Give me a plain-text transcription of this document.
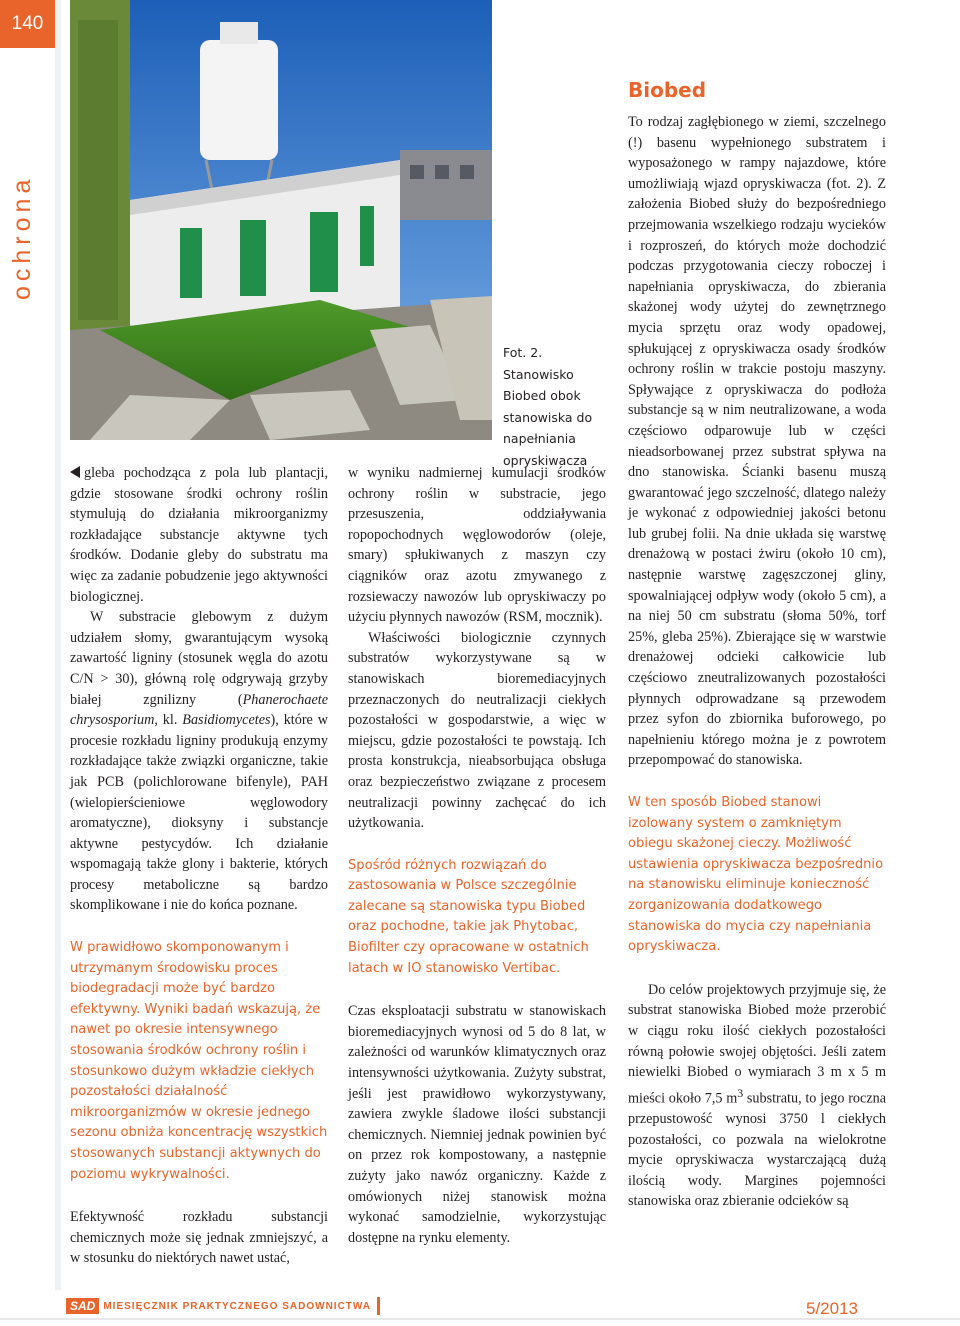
140
ochrona
Fot. 2. Stanowisko
Biobed obok
stanowiska do
napełniania
opryskiwacza

gleba pochodząca z pola lub plantacji, gdzie stosowane środki ochrony roślin stymulują do działania mikroorganizmy rozkładające substancje aktywne tych środków. Dodanie gleby do substratu ma więc za zadanie pobudzenie jego aktywności biologicznej.

W substracie glebowym z dużym udziałem słomy, gwarantującym wysoką zawartość ligniny (stosunek węgla do azotu C/N > 30), główną rolę odgrywają grzyby białej zgnilizny (Phanerochaete chrysosporium, kl. Basidiomycetes), które w procesie rozkładu ligniny produkują enzymy rozkładające także związki organiczne, takie jak PCB (polichlorowane bifenyle), PAH (wielopierścieniowe węglowodory aromatyczne), dioksyny i substancje aktywne pestycydów. Ich działanie wspomagają także glony i bakterie, których procesy metaboliczne są bardzo skomplikowane i nie do końca poznane.

W prawidłowo skomponowanym i utrzymanym środowisku proces biodegradacji może być bardzo efektywny. Wyniki badań wskazują, że nawet po okresie intensywnego stosowania środków ochrony roślin i stosunkowo dużym wkładzie ciekłych pozostałości działalność mikroorganizmów w okresie jednego sezonu obniża koncentrację wszystkich stosowanych substancji aktywnych do poziomu wykrywalności.

Efektywność rozkładu substancji chemicznych może się jednak zmniejszyć, a w stosunku do niektórych nawet ustać,

w wyniku nadmiernej kumulacji środków ochrony roślin w substracie, jego przesuszenia, oddziaływania ropopochodnych węglowodorów (oleje, smary) spłukiwanych z maszyn czy ciągników oraz azotu zmywanego z rozsiewaczy nawozów lub opryskiwaczy po użyciu płynnych nawozów (RSM, mocznik).

Właściwości biologicznie czynnych substratów wykorzystywane są w stanowiskach bioremediacyjnych przeznaczonych do neutralizacji ciekłych pozostałości w gospodarstwie, a więc w miejscu, gdzie pozostałości te powstają. Ich prosta konstrukcja, nieabsorbująca obsługa oraz bezpieczeństwo związane z procesem neutralizacji powinny zachęcać do ich użytkowania.

Spośród różnych rozwiązań do zastosowania w Polsce szczególnie zalecane są stanowiska typu Biobed oraz pochodne, takie jak Phytobac, Biofilter czy opracowane w ostatnich latach w IO stanowisko Vertibac.

Czas eksploatacji substratu w stanowiskach bioremediacyjnych wynosi od 5 do 8 lat, w zależności od warunków klimatycznych oraz intensywności użytkowania. Zużyty substrat, jeśli jest prawidłowo wykorzystywany, zawiera zwykle śladowe ilości substancji chemicznych. Niemniej jednak powinien być on przez rok kompostowany, a następnie zużyty jako nawóz organiczny. Każde z omówionych niżej stanowisk można wykonać samodzielnie, wykorzystując dostępne na rynku elementy.

Biobed

To rodzaj zagłębionego w ziemi, szczelnego (!) basenu wypełnionego substratem i wyposażonego w rampy najazdowe, które umożliwiają wjazd opryskiwacza (fot. 2). Z założenia Biobed służy do bezpośredniego przejmowania wszelkiego rodzaju wycieków i rozproszeń, do których może dochodzić podczas przygotowania cieczy roboczej i napełniania opryskiwacza, do zbierania skażonej wody użytej do zewnętrznego mycia sprzętu oraz wody opadowej, spłukującej z opryskiwacza osady środków ochrony roślin w trakcie postoju maszyny. Spływające z opryskiwacza do podłoża substancje są w nim neutralizowane, a woda częściowo odparowuje lub w części nieadsorbowanej przez substrat spływa na dno stanowiska. Ścianki basenu muszą gwarantować jego szczelność, dlatego należy je wykonać z odpowiedniej jakości betonu lub grubej folii. Na dnie układa się warstwę drenażową w postaci żwiru (około 10 cm), następnie warstwę zagęszczonej gliny, spowalniającej odpływ wody (około 5 cm), a na niej 50 cm substratu (słoma 50%, torf 25%, gleba 25%). Zbierające się w warstwie drenażowej odcieki całkowicie lub częściowo zneutralizowanych pozostałości płynnych odprowadzane są przewodem przez syfon do zbiornika buforowego, po napełnieniu którego można je z powrotem przepompować do stanowiska.

W ten sposób Biobed stanowi izolowany system o zamkniętym obiegu skażonej cieczy. Możliwość ustawienia opryskiwacza bezpośrednio na stanowisku eliminuje konieczność zorganizowania dodatkowego stanowiska do mycia czy napełniania opryskiwacza.

Do celów projektowych przyjmuje się, że substrat stanowiska Biobed może przerobić w ciągu roku ilość ciekłych pozostałości równą połowie swojej objętości. Jeśli zatem niewielki Biobed o wymiarach 3 m x 5 m mieści około 7,5 $m^3$ substratu, to jego roczna przepustowość wynosi 3750 l ciekłych pozostałości, co pozwala na wielokrotne mycie opryskiwacza wystarczającą dużą ilością wody. Margines pojemności stanowiska oraz zbieranie odcieków są

SAD MIESIĘCZNIK PRAKTYCZNEGO SADOWNICTWA	5/2013
